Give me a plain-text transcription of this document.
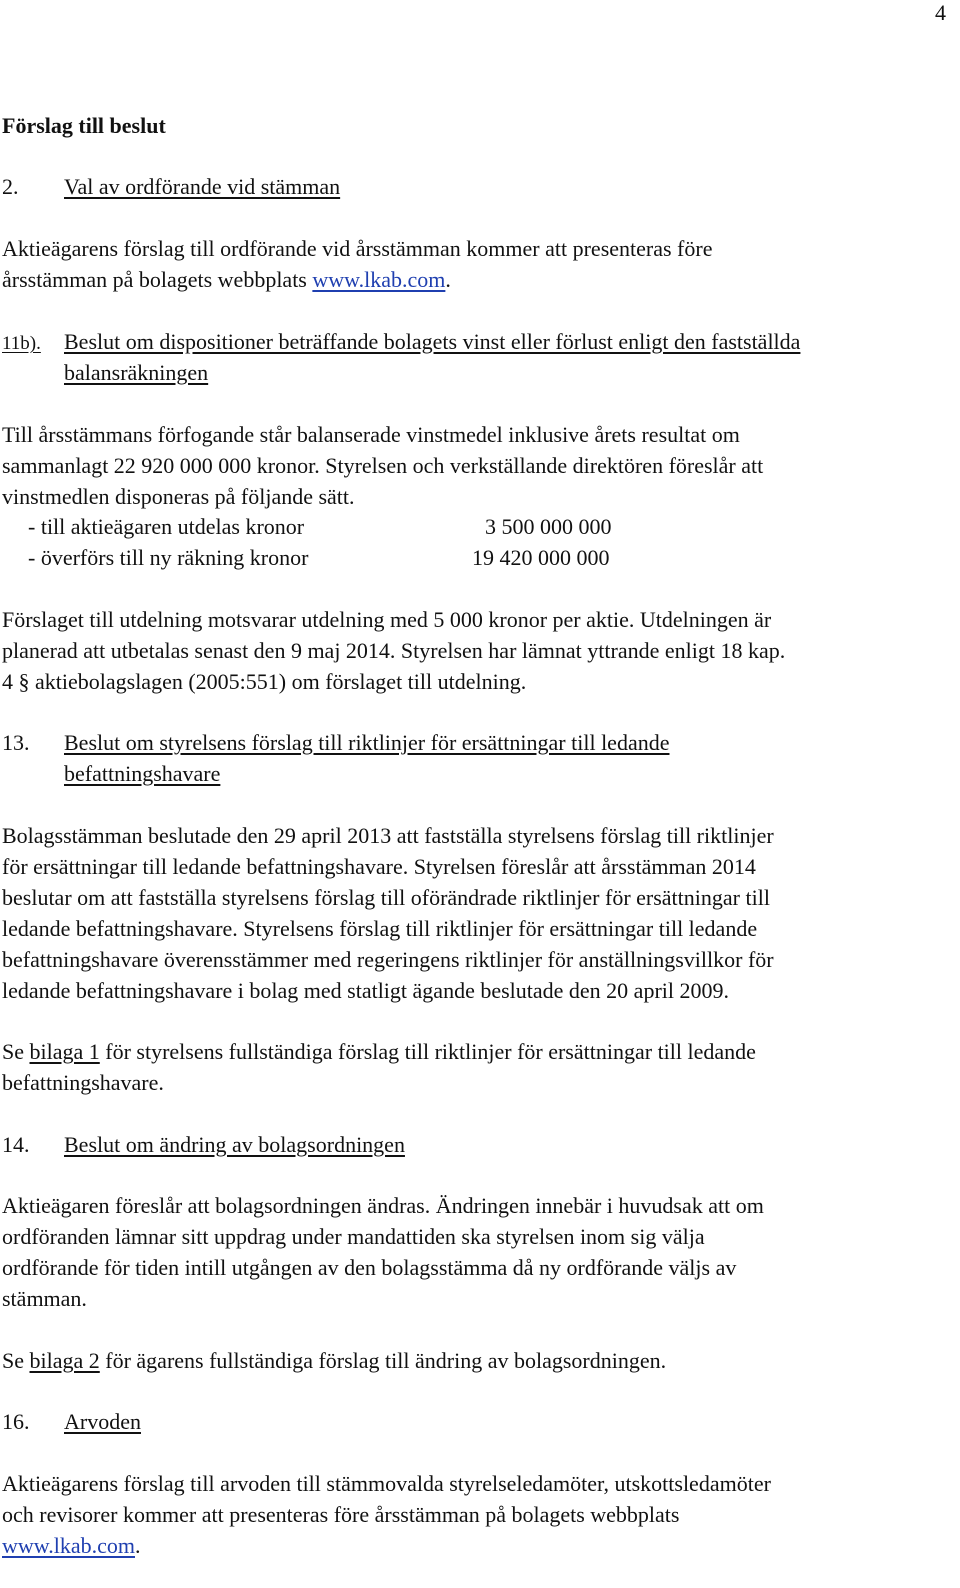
4
Förslag till beslut
2. Val av ordförande vid stämman
Aktieägarens förslag till ordförande vid årsstämman kommer att presenteras före
årsstämman på bolagets webbplats www.lkab.com.
11b). Beslut om dispositioner beträffande bolagets vinst eller förlust enligt den fastställda
balansräkningen
Till årsstämmans förfogande står balanserade vinstmedel inklusive årets resultat om
sammanlagt 22 920 000 000 kronor. Styrelsen och verkställande direktören föreslår att
vinstmedlen disponeras på följande sätt.
- till aktieägaren utdelas kronor	3 500 000 000
- överförs till ny räkning kronor	19 420 000 000
Förslaget till utdelning motsvarar utdelning med 5 000 kronor per aktie. Utdelningen är
planerad att utbetalas senast den 9 maj 2014. Styrelsen har lämnat yttrande enligt 18 kap.
4 § aktiebolagslagen (2005:551) om förslaget till utdelning.
13. Beslut om styrelsens förslag till riktlinjer för ersättningar till ledande
befattningshavare
Bolagsstämman beslutade den 29 april 2013 att fastställa styrelsens förslag till riktlinjer
för ersättningar till ledande befattningshavare. Styrelsen föreslår att årsstämman 2014
beslutar om att fastställa styrelsens förslag till oförändrade riktlinjer för ersättningar till
ledande befattningshavare. Styrelsens förslag till riktlinjer för ersättningar till ledande
befattningshavare överensstämmer med regeringens riktlinjer för anställningsvillkor för
ledande befattningshavare i bolag med statligt ägande beslutade den 20 april 2009.
Se bilaga 1 för styrelsens fullständiga förslag till riktlinjer för ersättningar till ledande
befattningshavare.
14. Beslut om ändring av bolagsordningen
Aktieägaren föreslår att bolagsordningen ändras. Ändringen innebär i huvudsak att om
ordföranden lämnar sitt uppdrag under mandattiden ska styrelsen inom sig välja
ordförande för tiden intill utgången av den bolagsstämma då ny ordförande väljs av
stämman.
Se bilaga 2 för ägarens fullständiga förslag till ändring av bolagsordningen.
16. Arvoden
Aktieägarens förslag till arvoden till stämmovalda styrelseledamöter, utskottsledamöter
och revisorer kommer att presenteras före årsstämman på bolagets webbplats
www.lkab.com.
